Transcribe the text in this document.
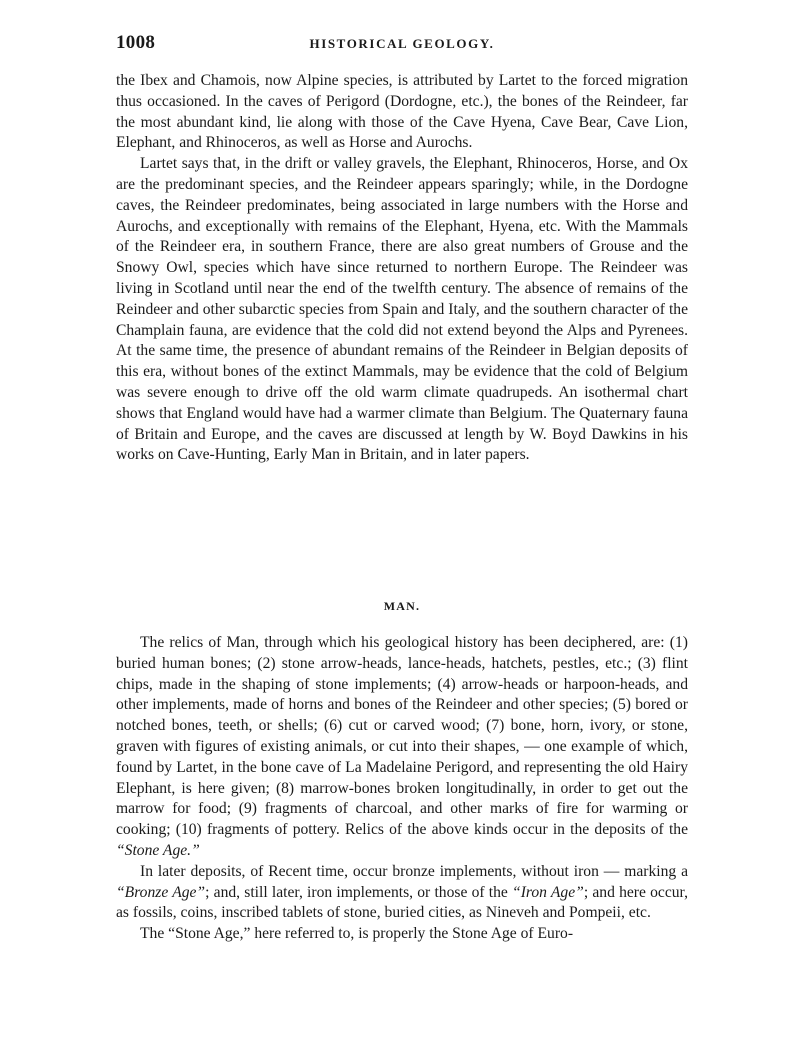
1008	HISTORICAL GEOLOGY.

the Ibex and Chamois, now Alpine species, is attributed by Lartet to the forced migration thus occasioned. In the caves of Perigord (Dordogne, etc.), the bones of the Reindeer, far the most abundant kind, lie along with those of the Cave Hyena, Cave Bear, Cave Lion, Elephant, and Rhinoceros, as well as Horse and Aurochs.

Lartet says that, in the drift or valley gravels, the Elephant, Rhinoceros, Horse, and Ox are the predominant species, and the Reindeer appears sparingly; while, in the Dordogne caves, the Reindeer predominates, being associated in large numbers with the Horse and Aurochs, and exceptionally with remains of the Elephant, Hyena, etc. With the Mammals of the Reindeer era, in southern France, there are also great numbers of Grouse and the Snowy Owl, species which have since returned to northern Europe. The Reindeer was living in Scotland until near the end of the twelfth century. The absence of remains of the Reindeer and other subarctic species from Spain and Italy, and the southern character of the Champlain fauna, are evidence that the cold did not extend beyond the Alps and Pyrenees. At the same time, the presence of abundant remains of the Reindeer in Belgian deposits of this era, without bones of the extinct Mammals, may be evidence that the cold of Belgium was severe enough to drive off the old warm climate quadrupeds. An isothermal chart shows that England would have had a warmer climate than Belgium. The Quaternary fauna of Britain and Europe, and the caves are discussed at length by W. Boyd Dawkins in his works on Cave-Hunting, Early Man in Britain, and in later papers.

MAN.

The relics of Man, through which his geological history has been deciphered, are: (1) buried human bones; (2) stone arrow-heads, lance-heads, hatchets, pestles, etc.; (3) flint chips, made in the shaping of stone implements; (4) arrow-heads or harpoon-heads, and other implements, made of horns and bones of the Reindeer and other species; (5) bored or notched bones, teeth, or shells; (6) cut or carved wood; (7) bone, horn, ivory, or stone, graven with figures of existing animals, or cut into their shapes, — one example of which, found by Lartet, in the bone cave of La Madelaine Perigord, and representing the old Hairy Elephant, is here given; (8) marrow-bones broken longitudinally, in order to get out the marrow for food; (9) fragments of charcoal, and other marks of fire for warming or cooking; (10) fragments of pottery. Relics of the above kinds occur in the deposits of the “Stone Age.”

In later deposits, of Recent time, occur bronze implements, without iron — marking a “Bronze Age”; and, still later, iron implements, or those of the “Iron Age”; and here occur, as fossils, coins, inscribed tablets of stone, buried cities, as Nineveh and Pompeii, etc.

The “Stone Age,” here referred to, is properly the Stone Age of Euro-
